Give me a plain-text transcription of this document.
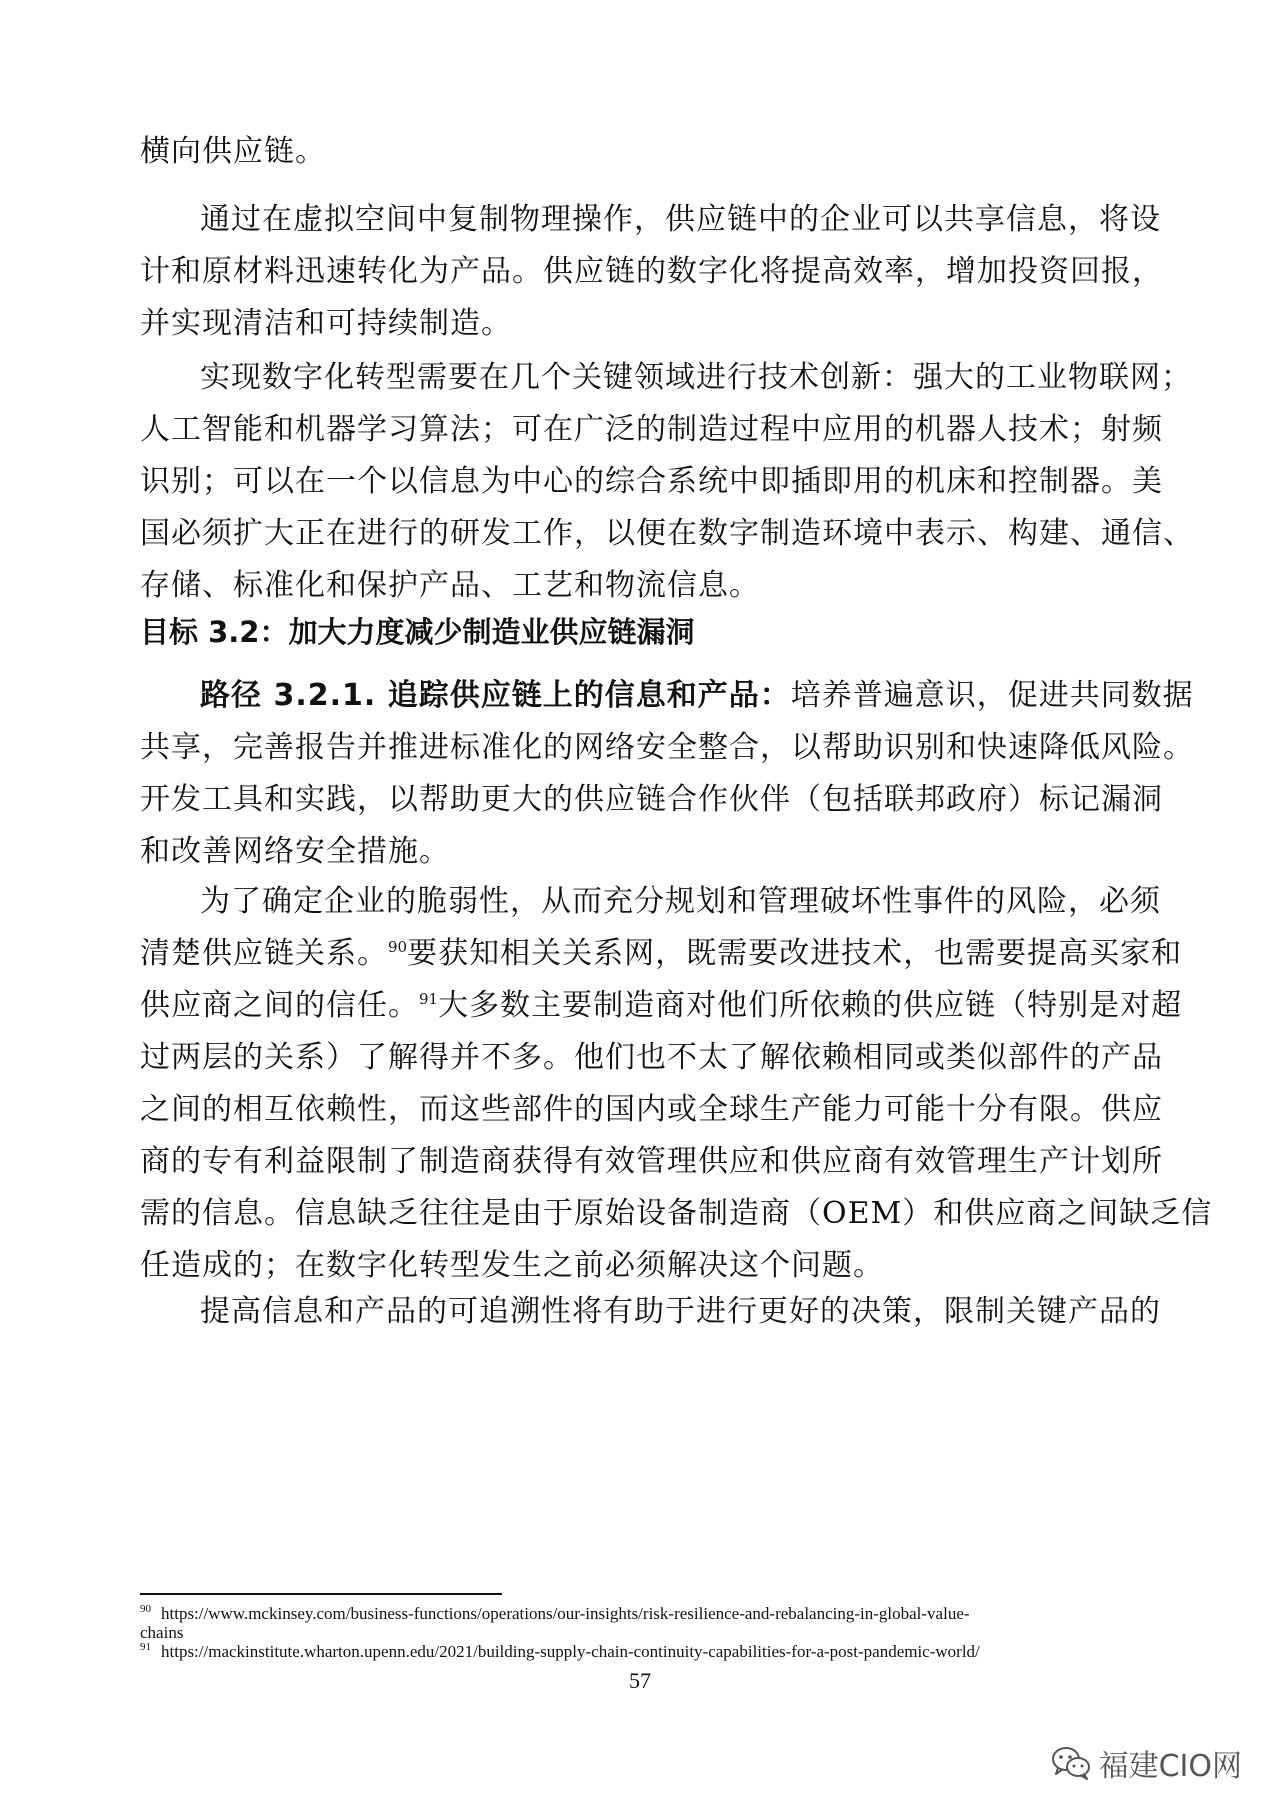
横向供应链。
通过在虚拟空间中复制物理操作，供应链中的企业可以共享信息，将设
计和原材料迅速转化为产品。供应链的数字化将提高效率，增加投资回报，
并实现清洁和可持续制造。
实现数字化转型需要在几个关键领域进行技术创新：强大的工业物联网；
人工智能和机器学习算法；可在广泛的制造过程中应用的机器人技术；射频
识别；可以在一个以信息为中心的综合系统中即插即用的机床和控制器。美
国必须扩大正在进行的研发工作，以便在数字制造环境中表示、构建、通信、
存储、标准化和保护产品、工艺和物流信息。
目标 3.2：加大力度减少制造业供应链漏洞
路径 3.2.1. 追踪供应链上的信息和产品：培养普遍意识，促进共同数据
共享，完善报告并推进标准化的网络安全整合，以帮助识别和快速降低风险。
开发工具和实践，以帮助更大的供应链合作伙伴（包括联邦政府）标记漏洞
和改善网络安全措施。
为了确定企业的脆弱性，从而充分规划和管理破坏性事件的风险，必须
清楚供应链关系。$^{90}$要获知相关关系网，既需要改进技术，也需要提高买家和
供应商之间的信任。$^{91}$大多数主要制造商对他们所依赖的供应链（特别是对超
过两层的关系）了解得并不多。他们也不太了解依赖相同或类似部件的产品
之间的相互依赖性，而这些部件的国内或全球生产能力可能十分有限。供应
商的专有利益限制了制造商获得有效管理供应和供应商有效管理生产计划所
需的信息。信息缺乏往往是由于原始设备制造商（OEM）和供应商之间缺乏信
任造成的；在数字化转型发生之前必须解决这个问题。
提高信息和产品的可追溯性将有助于进行更好的决策，限制关键产品的
$^{90}$ https://www.mckinsey.com/business-functions/operations/our-insights/risk-resilience-and-rebalancing-in-global-value-
chains
$^{91}$ https://mackinstitute.wharton.upenn.edu/2021/building-supply-chain-continuity-capabilities-for-a-post-pandemic-world/
57
福建CIO网
